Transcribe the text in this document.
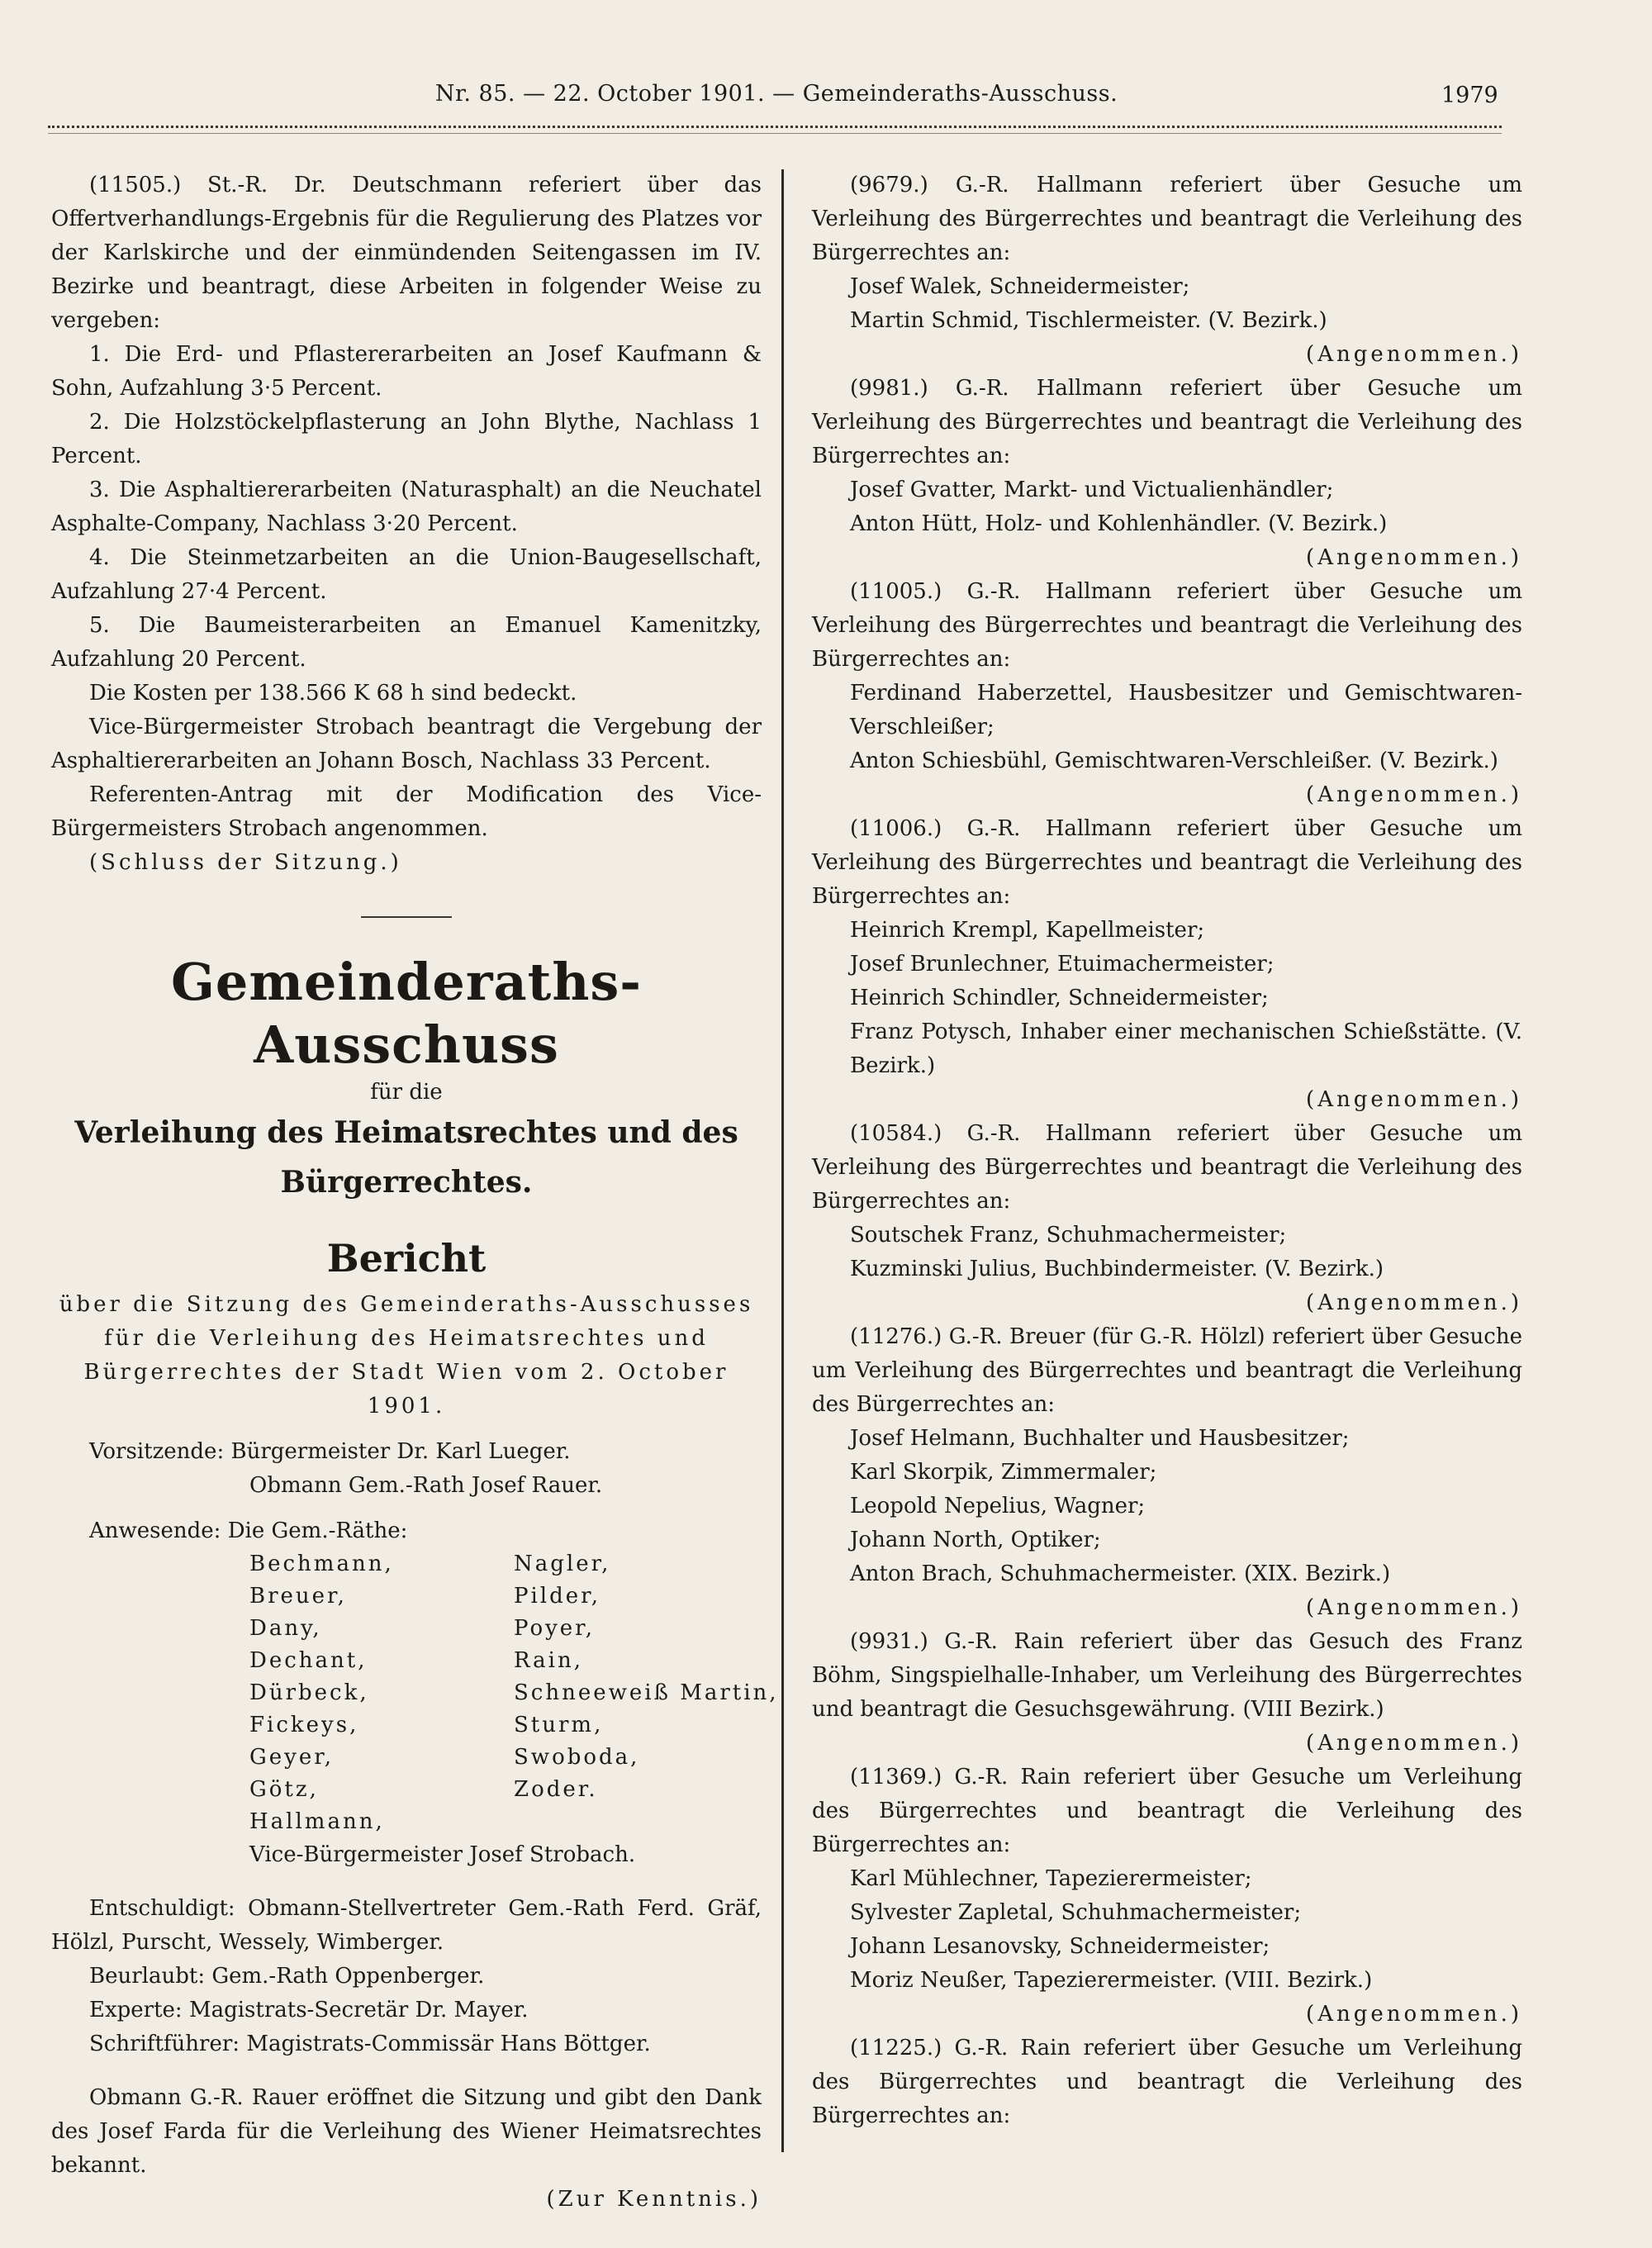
Nr. 85. — 22. October 1901. — Gemeinderaths-Ausschuss.	1979

(11505.) St.-R. Dr. Deutschmann referiert über das Offertverhandlungs-Ergebnis für die Regulierung des Platzes vor der Karlskirche und der einmündenden Seitengassen im IV. Bezirke und beantragt, diese Arbeiten in folgender Weise zu vergeben:

1. Die Erd- und Pflastererarbeiten an Josef Kaufmann & Sohn, Aufzahlung 3·5 Percent.

2. Die Holzstöckelpflasterung an John Blythe, Nachlass 1 Percent.

3. Die Asphaltiererarbeiten (Naturasphalt) an die Neuchatel Asphalte-Company, Nachlass 3·20 Percent.

4. Die Steinmetzarbeiten an die Union-Baugesellschaft, Aufzahlung 27·4 Percent.

5. Die Baumeisterarbeiten an Emanuel Kamenitzky, Aufzahlung 20 Percent.

Die Kosten per 138.566 K 68 h sind bedeckt.

Vice-Bürgermeister Strobach beantragt die Vergebung der Asphaltiererarbeiten an Johann Bosch, Nachlass 33 Percent.

Referenten-Antrag mit der Modification des Vice-Bürgermeisters Strobach angenommen.

(Schluss der Sitzung.)

Gemeinderaths-Ausschuss
für die
Verleihung des Heimatsrechtes und des Bürgerrechtes.
Bericht

über die Sitzung des Gemeinderaths-Ausschusses für die Verleihung des Heimatsrechtes und Bürgerrechtes der Stadt Wien vom 2. October 1901.

Vorsitzende: Bürgermeister Dr. Karl Lueger.

Obmann Gem.-Rath Josef Rauer.

Anwesende: Die Gem.-Räthe:

Bechmann,	Nagler,
Breuer,	Pilder,
Dany,	Poyer,
Dechant,	Rain,
Dürbeck,	Schneeweiß Martin,
Fickeys,	Sturm,
Geyer,	Swoboda,
Götz,	Zoder.
Hallmann,

Vice-Bürgermeister Josef Strobach.

Entschuldigt: Obmann-Stellvertreter Gem.-Rath Ferd. Gräf, Hölzl, Purscht, Wessely, Wimberger.

Beurlaubt: Gem.-Rath Oppenberger.

Experte: Magistrats-Secretär Dr. Mayer.

Schriftführer: Magistrats-Commissär Hans Böttger.

Obmann G.-R. Rauer eröffnet die Sitzung und gibt den Dank des Josef Farda für die Verleihung des Wiener Heimatsrechtes bekannt.

(Zur Kenntnis.)

(9679.) G.-R. Hallmann referiert über Gesuche um Verleihung des Bürgerrechtes und beantragt die Verleihung des Bürgerrechtes an:

Josef Walek, Schneidermeister;

Martin Schmid, Tischlermeister. (V. Bezirk.)

(Angenommen.)

(9981.) G.-R. Hallmann referiert über Gesuche um Verleihung des Bürgerrechtes und beantragt die Verleihung des Bürgerrechtes an:

Josef Gvatter, Markt- und Victualienhändler;

Anton Hütt, Holz- und Kohlenhändler. (V. Bezirk.)

(Angenommen.)

(11005.) G.-R. Hallmann referiert über Gesuche um Verleihung des Bürgerrechtes und beantragt die Verleihung des Bürgerrechtes an:

Ferdinand Haberzettel, Hausbesitzer und Gemischtwaren-Verschleißer;

Anton Schiesbühl, Gemischtwaren-Verschleißer. (V. Bezirk.)

(Angenommen.)

(11006.) G.-R. Hallmann referiert über Gesuche um Verleihung des Bürgerrechtes und beantragt die Verleihung des Bürgerrechtes an:

Heinrich Krempl, Kapellmeister;

Josef Brunlechner, Etuimachermeister;

Heinrich Schindler, Schneidermeister;

Franz Potysch, Inhaber einer mechanischen Schießstätte. (V. Bezirk.)

(Angenommen.)

(10584.) G.-R. Hallmann referiert über Gesuche um Verleihung des Bürgerrechtes und beantragt die Verleihung des Bürgerrechtes an:

Soutschek Franz, Schuhmachermeister;

Kuzminski Julius, Buchbindermeister. (V. Bezirk.)

(Angenommen.)

(11276.) G.-R. Breuer (für G.-R. Hölzl) referiert über Gesuche um Verleihung des Bürgerrechtes und beantragt die Verleihung des Bürgerrechtes an:

Josef Helmann, Buchhalter und Hausbesitzer;

Karl Skorpik, Zimmermaler;

Leopold Nepelius, Wagner;

Johann North, Optiker;

Anton Brach, Schuhmachermeister. (XIX. Bezirk.)

(Angenommen.)

(9931.) G.-R. Rain referiert über das Gesuch des Franz Böhm, Singspielhalle-Inhaber, um Verleihung des Bürgerrechtes und beantragt die Gesuchsgewährung. (VIII Bezirk.)

(Angenommen.)

(11369.) G.-R. Rain referiert über Gesuche um Verleihung des Bürgerrechtes und beantragt die Verleihung des Bürgerrechtes an:

Karl Mühlechner, Tapezierermeister;

Sylvester Zapletal, Schuhmachermeister;

Johann Lesanovsky, Schneidermeister;

Moriz Neußer, Tapezierermeister. (VIII. Bezirk.)

(Angenommen.)

(11225.) G.-R. Rain referiert über Gesuche um Verleihung des Bürgerrechtes und beantragt die Verleihung des Bürgerrechtes an:
